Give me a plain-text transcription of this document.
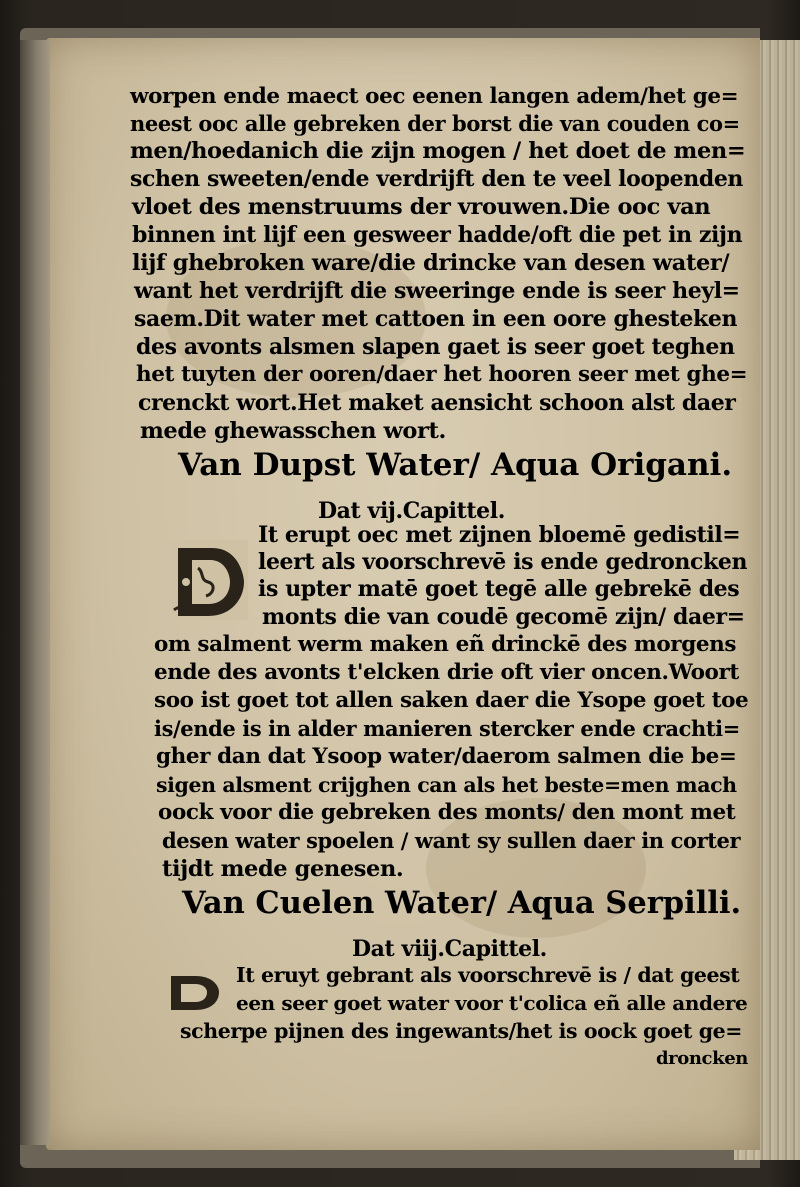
worpen ende maect oec eenen langen adem/het ge=
neest ooc alle gebreken der borst die van couden co=
men/hoedanich die zijn mogen / het doet de men=
schen sweeten/ende verdrijft den te veel loopenden
vloet des menstruums der vrouwen.Die ooc van
binnen int lijf een gesweer hadde/oft die pet in zijn
lijf ghebroken ware/die drincke van desen water/
want het verdrijft die sweeringe ende is seer heyl=
saem.Dit water met cattoen in een oore ghesteken
des avonts alsmen slapen gaet is seer goet teghen
het tuyten der ooren/daer het hooren seer met ghe=
crenckt wort.Het maket aensicht schoon alst daer
mede ghewasschen wort.
Van Dupst Water/ Aqua Origani.
Dat vij.Capittel.
It erupt oec met zijnen bloemē gedistil=
leert als voorschrevē is ende gedroncken
is upter matē goet tegē alle gebrekē des
monts die van coudē gecomē zijn/ daer=
om salment werm maken eñ drinckē des morgens
ende des avonts t'elcken drie oft vier oncen.Woort
soo ist goet tot allen saken daer die Ysope goet toe
is/ende is in alder manieren stercker ende crachti=
gher dan dat Ysoop water/daerom salmen die be=
sigen alsment crijghen can als het beste=men mach
oock voor die gebreken des monts/ den mont met
desen water spoelen / want sy sullen daer in corter
tijdt mede genesen.
Van Cuelen Water/ Aqua Serpilli.
Dat viij.Capittel.
It eruyt gebrant als voorschrevē is / dat geest
een seer goet water voor t'colica eñ alle andere
scherpe pijnen des ingewants/het is oock goet ge=
droncken
